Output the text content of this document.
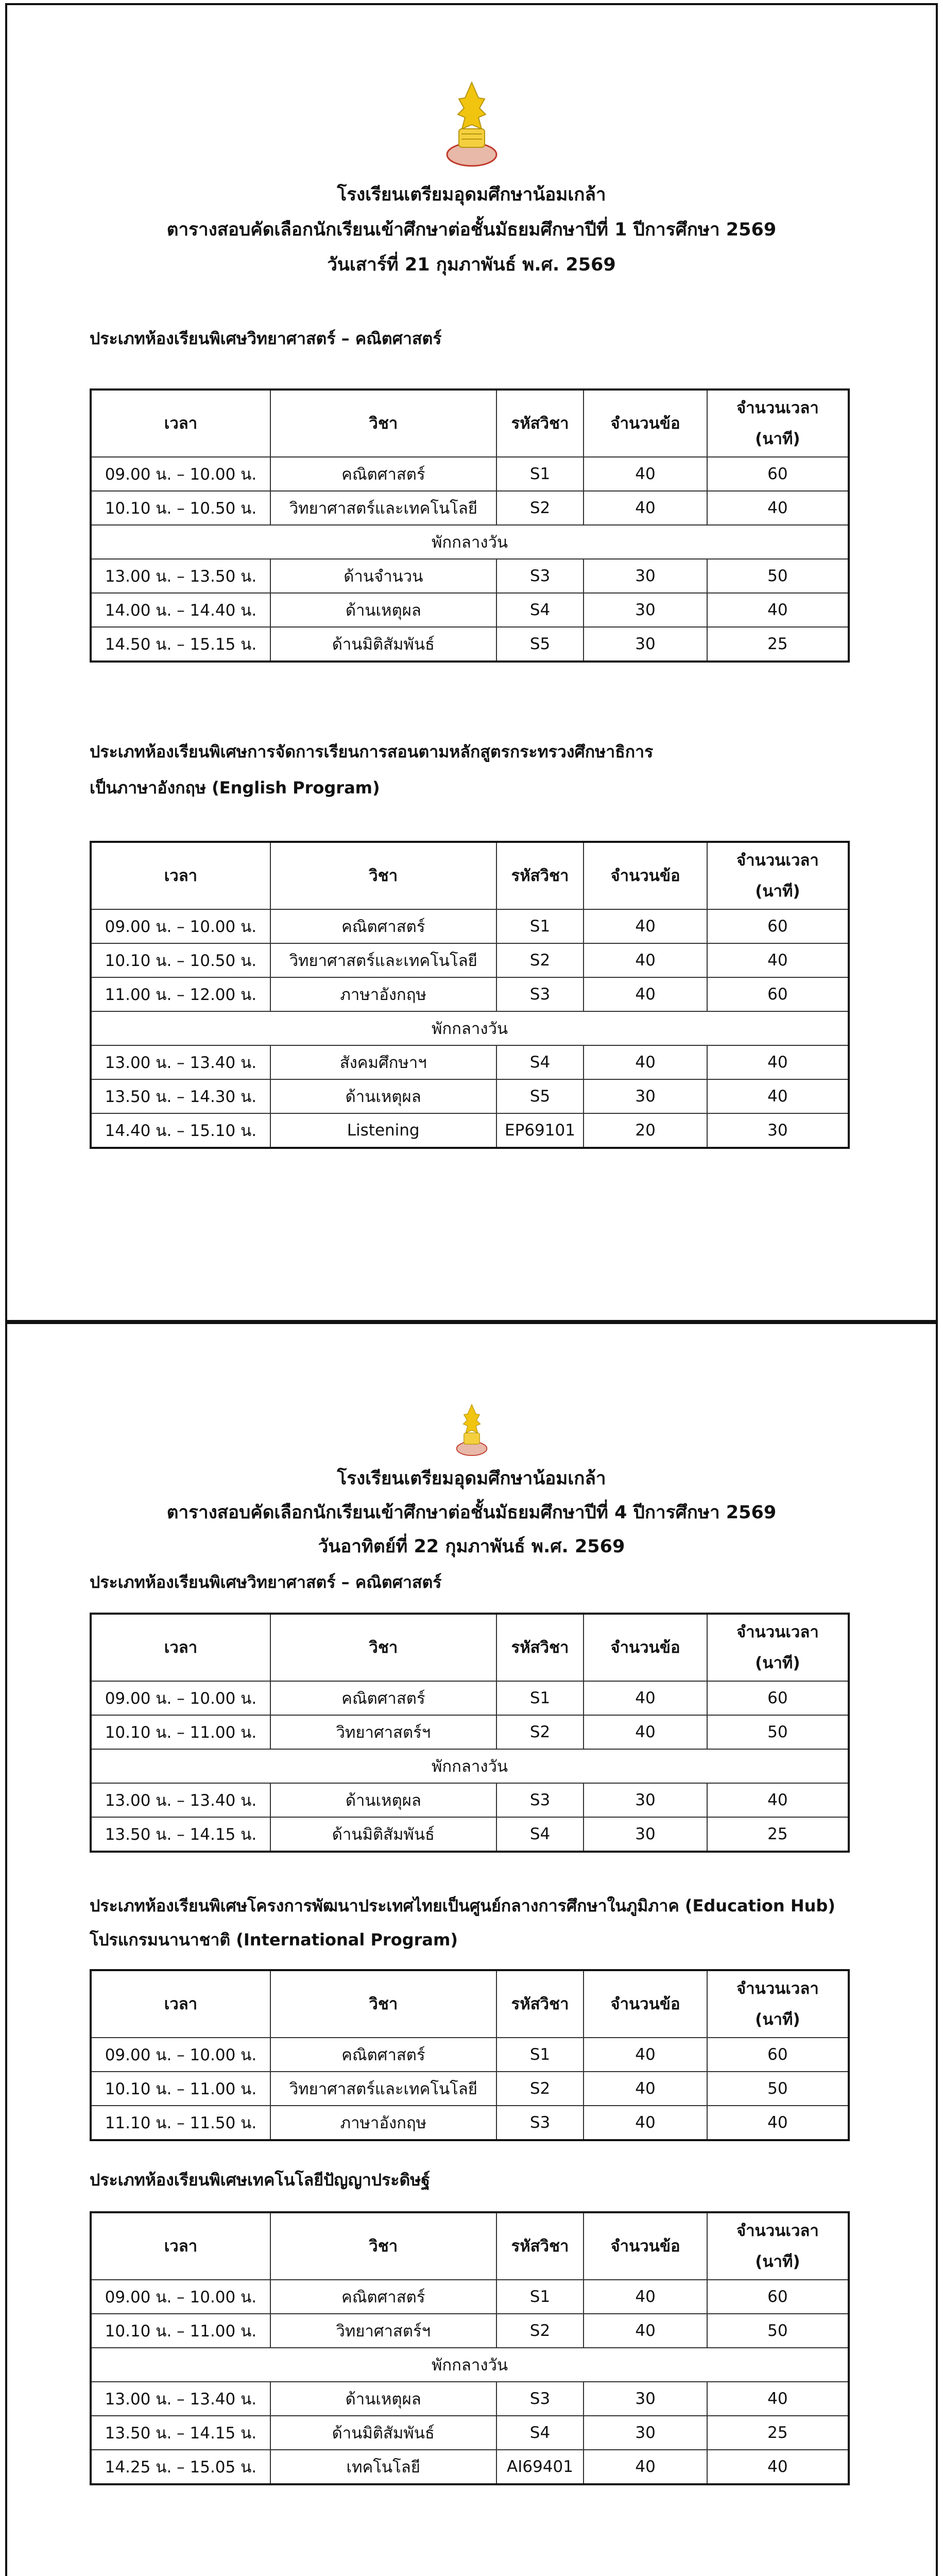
โรงเรียนเตรียมอุดมศึกษาน้อมเกล้า
ตารางสอบคัดเลือกนักเรียนเข้าศึกษาต่อชั้นมัธยมศึกษาปีที่ 1 ปีการศึกษา 2569
วันเสาร์ที่ 21 กุมภาพันธ์ พ.ศ. 2569
ประเภทห้องเรียนพิเศษวิทยาศาสตร์ – คณิตศาสตร์
เวลา	วิชา	รหัสวิชา	จำนวนข้อ	จำนวนเวลา
(นาที)
09.00 น. – 10.00 น.	คณิตศาสตร์	S1	40	60
10.10 น. – 10.50 น.	วิทยาศาสตร์และเทคโนโลยี	S2	40	40
พักกลางวัน				
13.00 น. – 13.50 น.	ด้านจำนวน	S3	30	50
14.00 น. – 14.40 น.	ด้านเหตุผล	S4	30	40
14.50 น. – 15.15 น.	ด้านมิติสัมพันธ์	S5	30	25
ประเภทห้องเรียนพิเศษการจัดการเรียนการสอนตามหลักสูตรกระทรวงศึกษาธิการ
เป็นภาษาอังกฤษ (English Program)
เวลา	วิชา	รหัสวิชา	จำนวนข้อ	จำนวนเวลา
(นาที)
09.00 น. – 10.00 น.	คณิตศาสตร์	S1	40	60
10.10 น. – 10.50 น.	วิทยาศาสตร์และเทคโนโลยี	S2	40	40
11.00 น. – 12.00 น.	ภาษาอังกฤษ	S3	40	60
พักกลางวัน				
13.00 น. – 13.40 น.	สังคมศึกษาฯ	S4	40	40
13.50 น. – 14.30 น.	ด้านเหตุผล	S5	30	40
14.40 น. – 15.10 น.	Listening	EP69101	20	30
โรงเรียนเตรียมอุดมศึกษาน้อมเกล้า
ตารางสอบคัดเลือกนักเรียนเข้าศึกษาต่อชั้นมัธยมศึกษาปีที่ 4 ปีการศึกษา 2569
วันอาทิตย์ที่ 22 กุมภาพันธ์ พ.ศ. 2569
ประเภทห้องเรียนพิเศษวิทยาศาสตร์ – คณิตศาสตร์
เวลา	วิชา	รหัสวิชา	จำนวนข้อ	จำนวนเวลา
(นาที)
09.00 น. – 10.00 น.	คณิตศาสตร์	S1	40	60
10.10 น. – 11.00 น.	วิทยาศาสตร์ฯ	S2	40	50
พักกลางวัน				
13.00 น. – 13.40 น.	ด้านเหตุผล	S3	30	40
13.50 น. – 14.15 น.	ด้านมิติสัมพันธ์	S4	30	25
ประเภทห้องเรียนพิเศษโครงการพัฒนาประเทศไทยเป็นศูนย์กลางการศึกษาในภูมิภาค (Education Hub)
โปรแกรมนานาชาติ (International Program)
เวลา	วิชา	รหัสวิชา	จำนวนข้อ	จำนวนเวลา
(นาที)
09.00 น. – 10.00 น.	คณิตศาสตร์	S1	40	60
10.10 น. – 11.00 น.	วิทยาศาสตร์และเทคโนโลยี	S2	40	50
11.10 น. – 11.50 น.	ภาษาอังกฤษ	S3	40	40
ประเภทห้องเรียนพิเศษเทคโนโลยีปัญญาประดิษฐ์
เวลา	วิชา	รหัสวิชา	จำนวนข้อ	จำนวนเวลา
(นาที)
09.00 น. – 10.00 น.	คณิตศาสตร์	S1	40	60
10.10 น. – 11.00 น.	วิทยาศาสตร์ฯ	S2	40	50
พักกลางวัน				
13.00 น. – 13.40 น.	ด้านเหตุผล	S3	30	40
13.50 น. – 14.15 น.	ด้านมิติสัมพันธ์	S4	30	25
14.25 น. – 15.05 น.	เทคโนโลยี	AI69401	40	40
